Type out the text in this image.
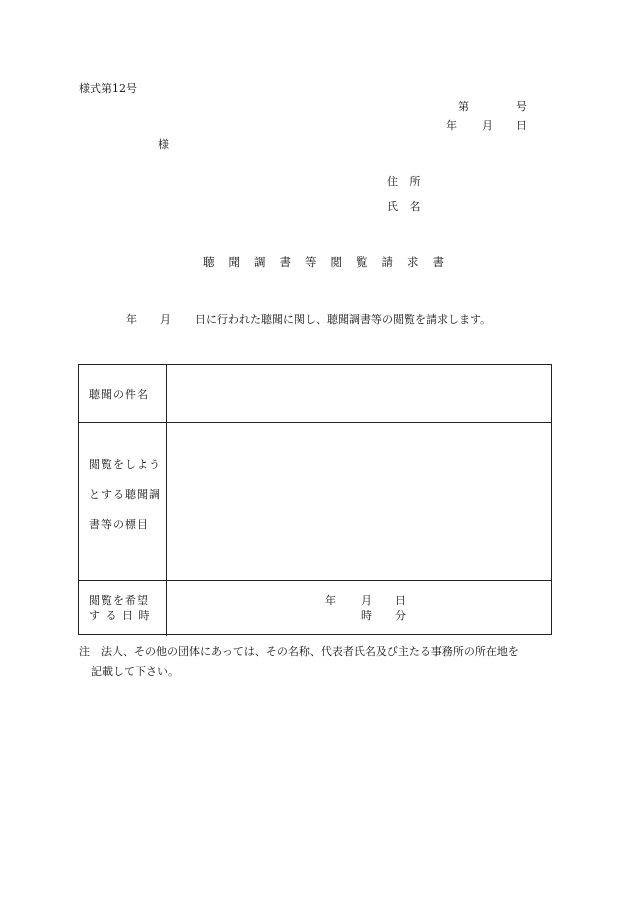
様式第12号
第	号
年 月 日
様
住 所
氏 名
聴 聞 調 書 等 閲 覧 請 求 書
年 月 日に行われた聴聞に関し、聴聞調書等の閲覧を請求します。
聴聞の件名
閲覧をしよう
とする聴聞調
書等の標目
閲覧を希望
す る 日 時
年 月 日
時 分
注　法人、その他の団体にあっては、その名称、代表者氏名及び主たる事務所の所在地を
記載して下さい。
